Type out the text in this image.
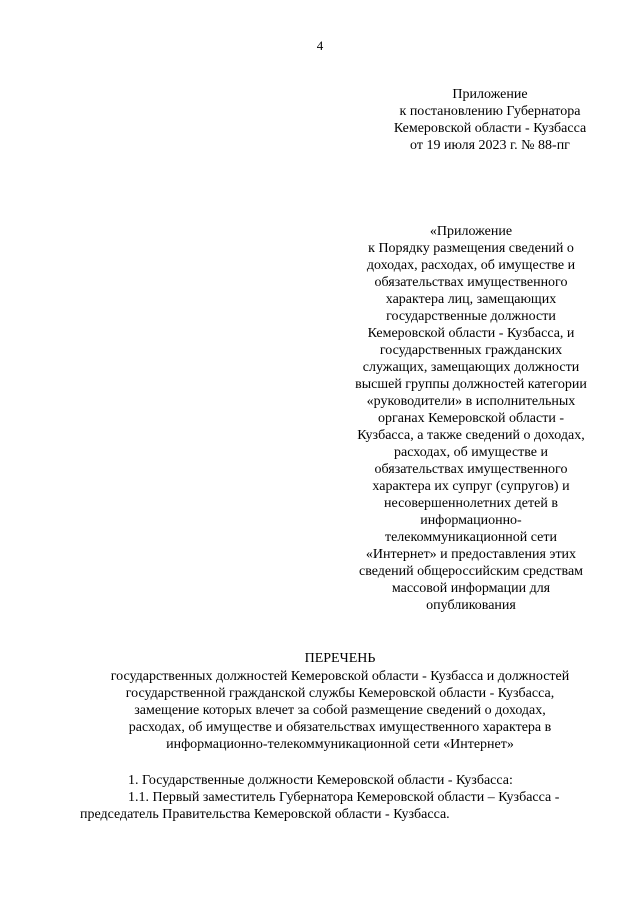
4
Приложение
к постановлению Губернатора
Кемеровской области - Кузбасса
от 19 июля 2023 г. № 88-пг
«Приложение
к Порядку размещения сведений о
доходах, расходах, об имуществе и
обязательствах имущественного
характера лиц, замещающих
государственные должности
Кемеровской области - Кузбасса, и
государственных гражданских
служащих, замещающих должности
высшей группы должностей категории
«руководители» в исполнительных
органах Кемеровской области -
Кузбасса, а также сведений о доходах,
расходах, об имуществе и
обязательствах имущественного
характера их супруг (супругов) и
несовершеннолетних детей в
информационно-
телекоммуникационной сети
«Интернет» и предоставления этих
сведений общероссийским средствам
массовой информации для
опубликования
ПЕРЕЧЕНЬ
государственных должностей Кемеровской области - Кузбасса и должностей
государственной гражданской службы Кемеровской области - Кузбасса,
замещение которых влечет за собой размещение сведений о доходах,
расходах, об имуществе и обязательствах имущественного характера в
информационно-телекоммуникационной сети «Интернет»
1. Государственные должности Кемеровской области - Кузбасса:
1.1. Первый заместитель Губернатора Кемеровской области – Кузбасса -
председатель Правительства Кемеровской области - Кузбасса.
